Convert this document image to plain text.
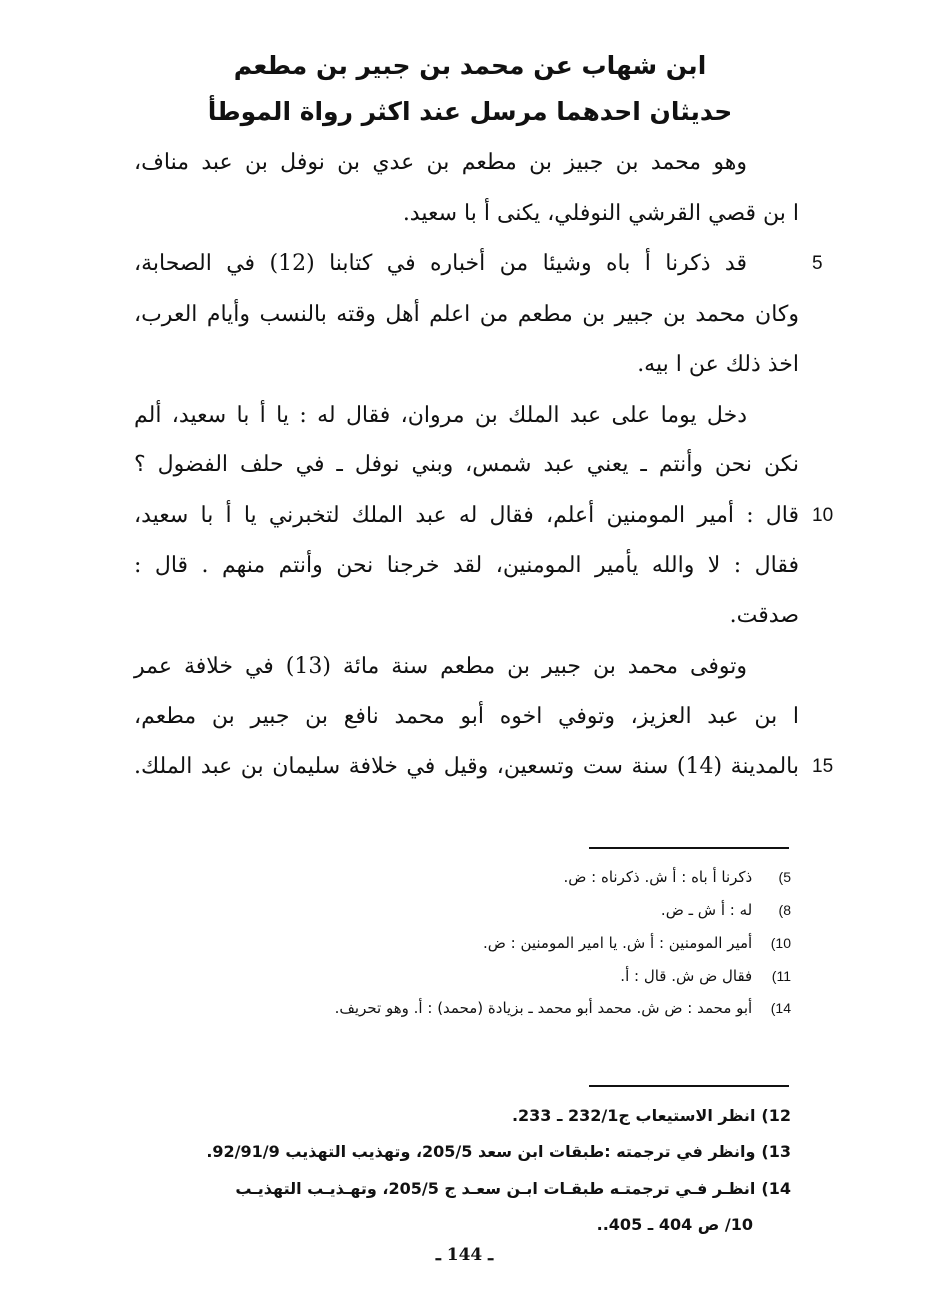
ابن شهاب عن محمد بن جبير بن مطعم
حديثان احدهما مرسل عند اكثر رواة الموطأ
وهو محمد بن جبيز بن مطعم بن عدي بن نوفل بن عبد مناف،
ا بن قصي القرشي النوفلي، يكنى أ با سعيد.
قد ذكرنا أ باه وشيئا من أخباره في كتابنا (12) في الصحابة،	5
وكان محمد بن جبير بن مطعم من اعلم أهل وقته بالنسب وأيام العرب،
اخذ ذلك عن ا بيه.
دخل يوما على عبد الملك بن مروان، فقال له : يا أ با سعيد، ألم
نكن نحن وأنتم ـ يعني عبد شمس، وبني نوفل ـ في حلف الفضول ؟
قال : أمير المومنين أعلم، فقال له عبد الملك لتخبرني يا أ با سعيد، 10
فقال : لا والله يأمير المومنين، لقد خرجنا نحن وأنتم منهم . قال :
صدقت.
وتوفى محمد بن جبير بن مطعم سنة مائة (13) في خلافة عمر
ا بن عبد العزيز، وتوفي اخوه أبو محمد نافع بن جبير بن مطعم،
بالمدينة (14) سنة ست وتسعين، وقيل في خلافة سليمان بن عبد الملك. 15
5) ذكرنا أ باه : أ ش. ذكرناه : ض.
8) له : أ ش ـ ض.
10) أمير المومنين : أ ش. يا امير المومنين : ض.
11) فقال ض ش. قال : أ.
14) أبو محمد : ض ش. محمد أبو محمد ـ بزيادة (محمد) : أ. وهو تحريف.
12) انظر الاستيعاب ج232/1 ـ 233.
13) وانظر في ترجمته :طبقات ابن سعد 205/5، وتهذيب التهذيب 92/91/9.
14) انظـر فـي ترجمتـه طبقـات ابـن سعـد ج 205/5، وتهـذيـب التهذيـب
10/ ص 404 ـ 405..
ـ 144 ـ
